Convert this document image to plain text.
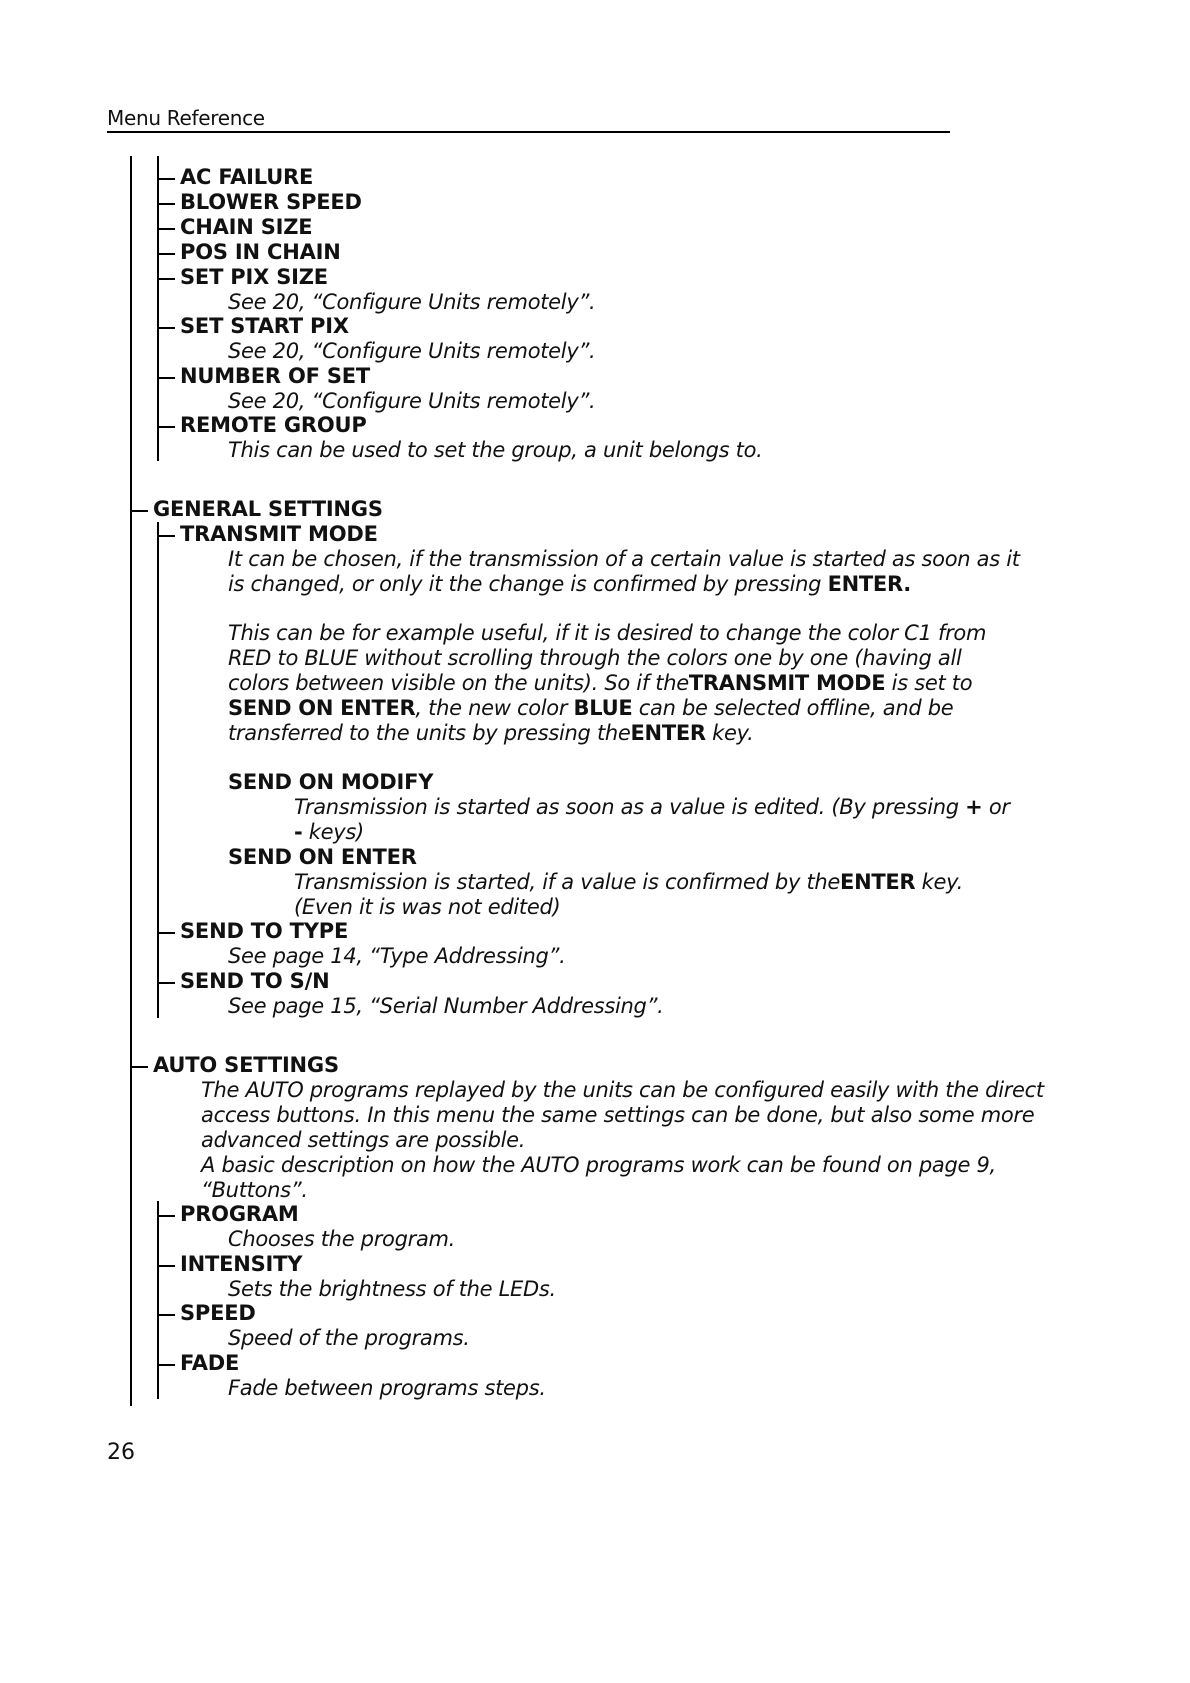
Menu Reference
AC FAILURE
BLOWER SPEED
CHAIN SIZE
POS IN CHAIN
SET PIX SIZE
See 20, “Configure Units remotely”.
SET START PIX
See 20, “Configure Units remotely”.
NUMBER OF SET
See 20, “Configure Units remotely”.
REMOTE GROUP
This can be used to set the group, a unit belongs to.
GENERAL SETTINGS
TRANSMIT MODE
It can be chosen, if the transmission of a certain value is started as soon as it
is changed, or only it the change is confirmed by pressing ENTER.
This can be for example useful, if it is desired to change the color C1 from
RED to BLUE without scrolling through the colors one by one (having all
colors between visible on the units). So if theTRANSMIT MODE is set to
SEND ON ENTER, the new color BLUE can be selected offline, and be
transferred to the units by pressing theENTER key.
SEND ON MODIFY
Transmission is started as soon as a value is edited. (By pressing + or
- keys)
SEND ON ENTER
Transmission is started, if a value is confirmed by theENTER key.
(Even it is was not edited)
SEND TO TYPE
See page 14, “Type Addressing”.
SEND TO S/N
See page 15, “Serial Number Addressing”.
AUTO SETTINGS
The AUTO programs replayed by the units can be configured easily with the direct
access buttons. In this menu the same settings can be done, but also some more
advanced settings are possible.
A basic description on how the AUTO programs work can be found on page 9,
“Buttons”.
PROGRAM
Chooses the program.
INTENSITY
Sets the brightness of the LEDs.
SPEED
Speed of the programs.
FADE
Fade between programs steps.
26
